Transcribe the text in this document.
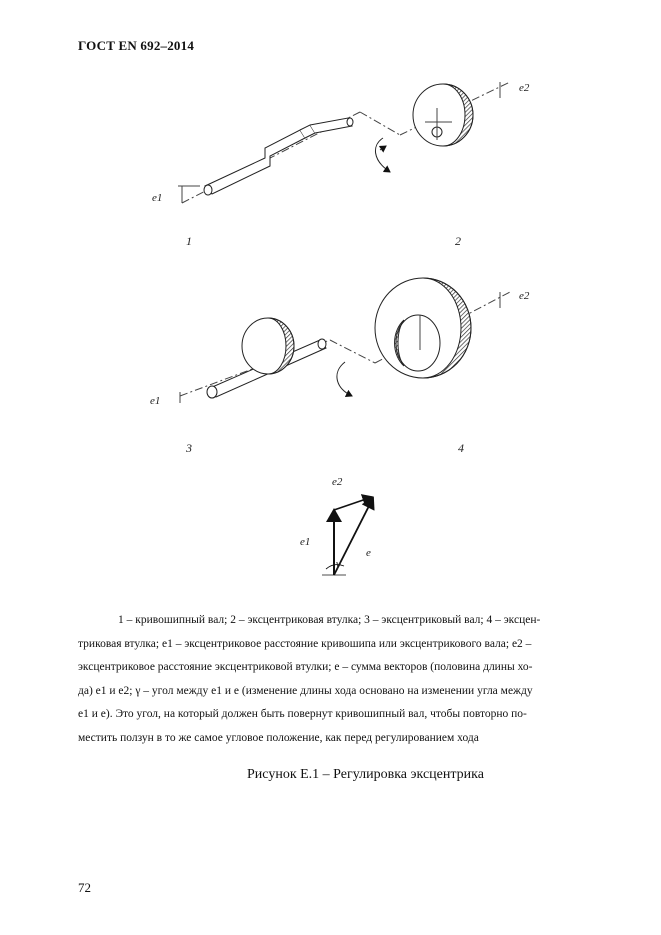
ГОСТ EN 692–2014
e1
e2
1	2
e1
e2
3	4
e2
e1
e
γ
1 – кривошипный вал; 2 – эксцентриковая втулка; 3 – эксцентриковый вал; 4 – эксцен-
триковая втулка; e1 – эксцентриковое расстояние кривошипа или эксцентрикового вала; e2 –
эксцентриковое расстояние эксцентриковой втулки; e – сумма векторов (половина длины хо-
да) e1 и e2; γ – угол между e1 и e (изменение длины хода основано на изменении угла между
e1 и e). Это угол, на который должен быть повернут кривошипный вал, чтобы повторно по-
местить ползун в то же самое угловое положение, как перед регулированием хода
Рисунок Е.1 – Регулировка эксцентрика
72
